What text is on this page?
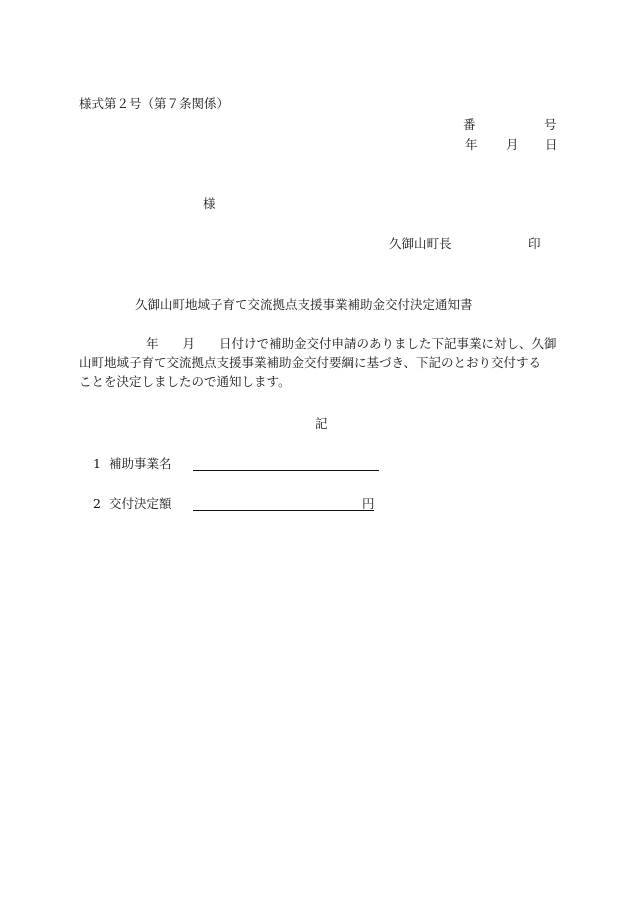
様式第２号（第７条関係）
番	号
年 月 日
様
久御山町長	印
久御山町地域子育て交流拠点支援事業補助金交付決定通知書
年 月 日付けで補助金交付申請のありました下記事業に対し、久御
山町地域子育て交流拠点支援事業補助金交付要綱に基づき、下記のとおり交付する
ことを決定しましたので通知します。
記
1 補助事業名
2 交付決定額	円
